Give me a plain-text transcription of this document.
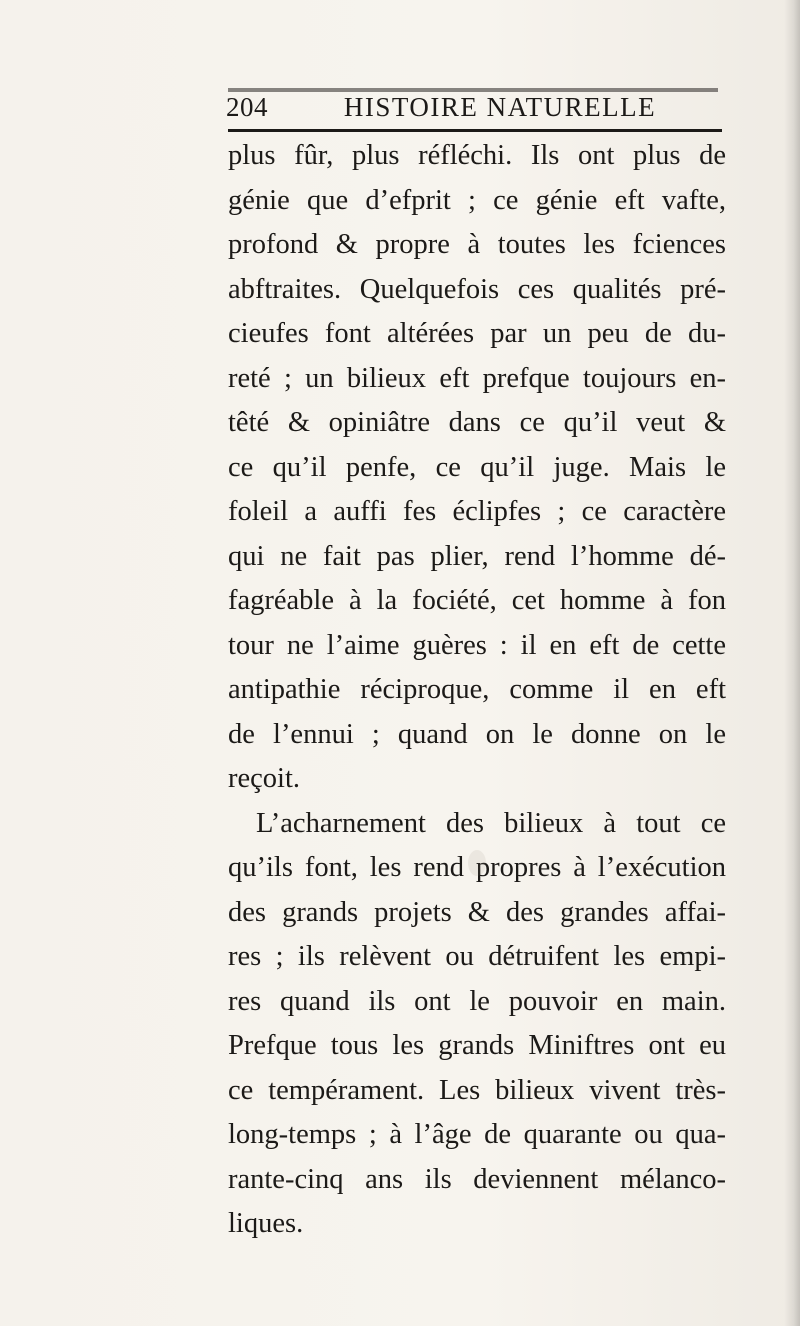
204	HISTOIRE NATURELLE
plus fûr, plus réfléchi. Ils ont plus de
génie que d’efprit ; ce génie eft vafte,
profond & propre à toutes les fciences
abftraites. Quelquefois ces qualités pré-
cieufes font altérées par un peu de du-
reté ; un bilieux eft prefque toujours en-
têté & opiniâtre dans ce qu’il veut &
ce qu’il penfe, ce qu’il juge. Mais le
foleil a auffi fes éclipfes ; ce caractère
qui ne fait pas plier, rend l’homme dé-
fagréable à la fociété, cet homme à fon
tour ne l’aime guères : il en eft de cette
antipathie réciproque, comme il en eft
de l’ennui ; quand on le donne on le
reçoit.
L’acharnement des bilieux à tout ce
qu’ils font, les rend propres à l’exécution
des grands projets & des grandes affai-
res ; ils relèvent ou détruifent les empi-
res quand ils ont le pouvoir en main.
Prefque tous les grands Miniftres ont eu
ce tempérament. Les bilieux vivent très-
long-temps ; à l’âge de quarante ou qua-
rante-cinq ans ils deviennent mélanco-
liques.
